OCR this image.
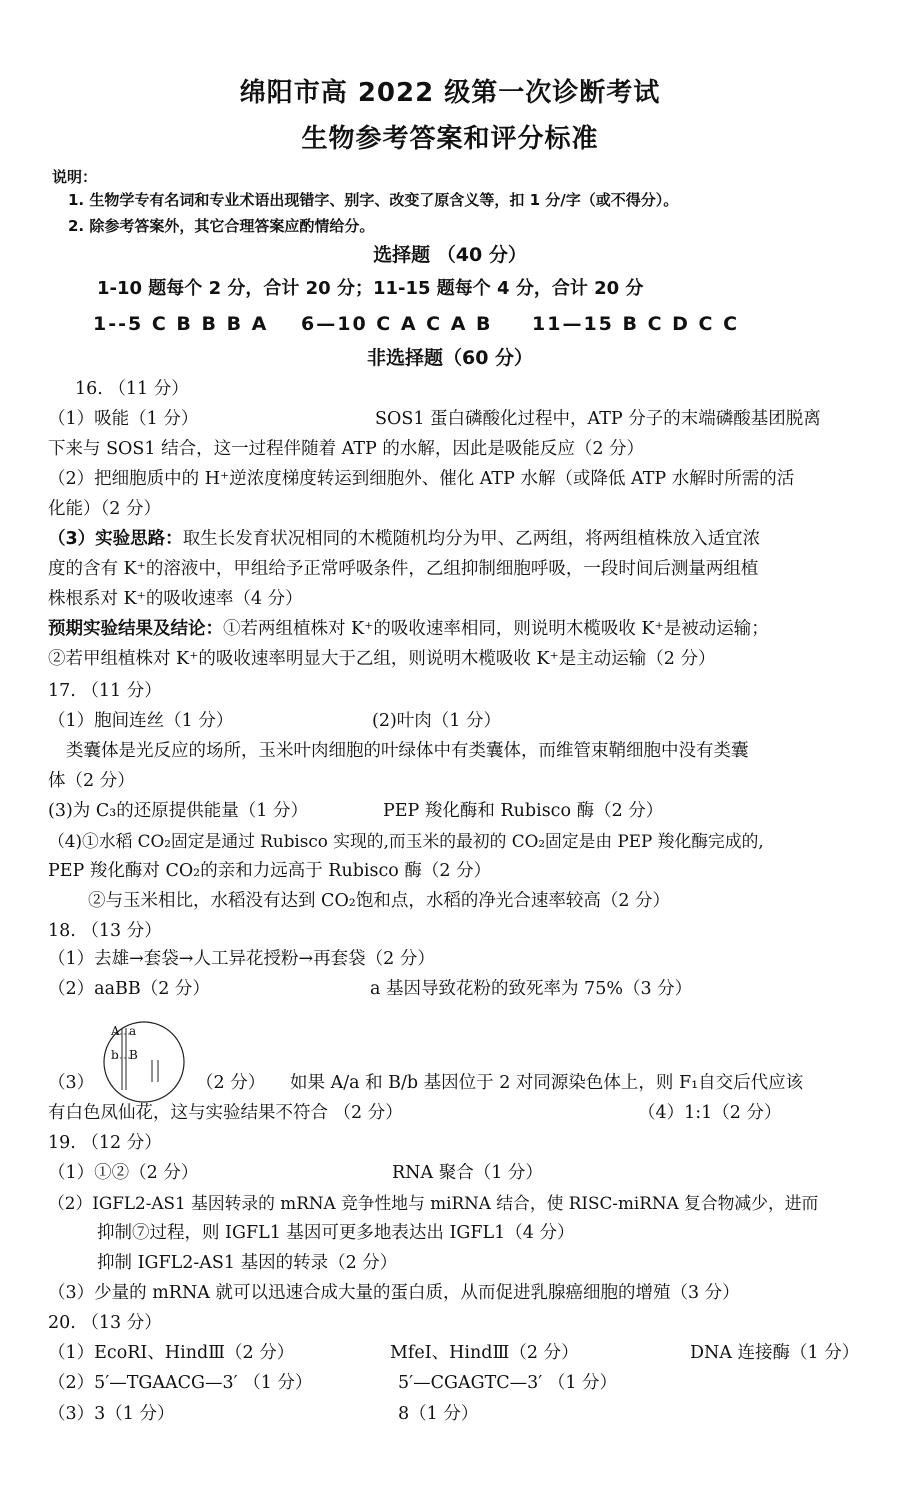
绵阳市高 2022 级第一次诊断考试
生物参考答案和评分标准
说明：
1. 生物学专有名词和专业术语出现错字、别字、改变了原含义等，扣 1 分/字（或不得分）。
2. 除参考答案外，其它合理答案应酌情给分。
选择题 （40 分）
1-10 题每个 2 分，合计 20 分；11-15 题每个 4 分，合计 20 分
1--5 C B B B A 6—10 C A C A B 11—15 B C D C C
非选择题（60 分）
16. （11 分）
（1）吸能（1 分）	SOS1 蛋白磷酸化过程中，ATP 分子的末端磷酸基团脱离
下来与 SOS1 结合，这一过程伴随着 ATP 的水解，因此是吸能反应（2 分）
（2）把细胞质中的 H⁺逆浓度梯度转运到细胞外、催化 ATP 水解（或降低 ATP 水解时所需的活
化能）（2 分）
（3）实验思路：取生长发育状况相同的木榄随机均分为甲、乙两组，将两组植株放入适宜浓
度的含有 K⁺的溶液中，甲组给予正常呼吸条件，乙组抑制细胞呼吸，一段时间后测量两组植
株根系对 K⁺的吸收速率（4 分）
预期实验结果及结论：①若两组植株对 K⁺的吸收速率相同，则说明木榄吸收 K⁺是被动运输；
②若甲组植株对 K⁺的吸收速率明显大于乙组，则说明木榄吸收 K⁺是主动运输（2 分）
17. （11 分）
（1）胞间连丝（1 分）	(2)叶肉（1 分）
类囊体是光反应的场所，玉米叶肉细胞的叶绿体中有类囊体，而维管束鞘细胞中没有类囊
体（2 分）
(3)为 C₃的还原提供能量（1 分）	PEP 羧化酶和 Rubisco 酶（2 分）
（4)①水稻 CO₂固定是通过 Rubisco 实现的,而玉米的最初的 CO₂固定是由 PEP 羧化酶完成的,
PEP 羧化酶对 CO₂的亲和力远高于 Rubisco 酶（2 分）
②与玉米相比，水稻没有达到 CO₂饱和点，水稻的净光合速率较高（2 分）
18. （13 分）
（1）去雄→套袋→人工异花授粉→再套袋（2 分）
（2）aaBB（2 分）	a 基因导致花粉的致死率为 75%（3 分）
A a
b B
（3）	（2 分） 如果 A/a 和 B/b 基因位于 2 对同源染色体上，则 F₁自交后代应该
有白色凤仙花，这与实验结果不符合 （2 分）	（4）1:1（2 分）
19. （12 分）
（1）①②（2 分）	RNA 聚合（1 分）
（2）IGFL2-AS1 基因转录的 mRNA 竞争性地与 miRNA 结合，使 RISC-miRNA 复合物减少，进而
抑制⑦过程，则 IGFL1 基因可更多地表达出 IGFL1（4 分）
抑制 IGFL2-AS1 基因的转录（2 分）
（3）少量的 mRNA 就可以迅速合成大量的蛋白质，从而促进乳腺癌细胞的增殖（3 分）
20. （13 分）
（1）EcoRI、HindⅢ（2 分）	MfeI、HindⅢ（2 分）	DNA 连接酶（1 分）
（2）5′—TGAACG—3′ （1 分）	5′—CGAGTC—3′ （1 分）
（3）3（1 分）	8（1 分）
